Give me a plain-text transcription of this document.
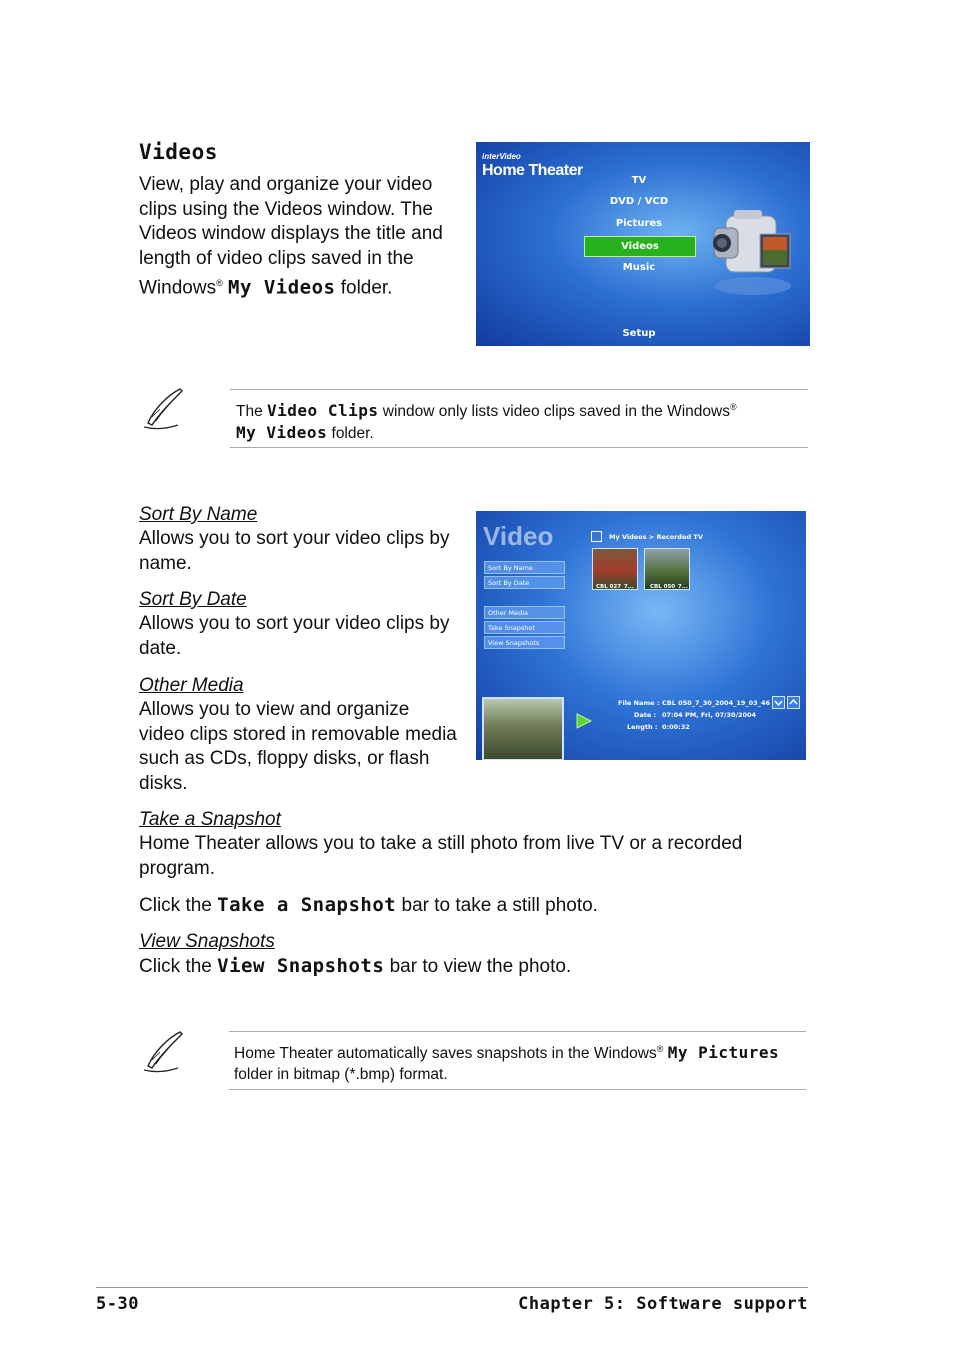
Videos
View, play and organize your video clips using the Videos window. The Videos window displays the title and length of video clips saved in the Windows® My Videos folder.
interVideo
Home Theater
TV
DVD / VCD
Pictures
Videos
Music
Setup
The Video Clips window only lists video clips saved in the Windows®
My Videos folder.
Sort By Name
Allows you to sort your video clips by name.
Sort By Date
Allows you to sort your video clips by date.
Other Media
Allows you to view and organize video clips stored in removable media such as CDs, floppy disks, or flash disks.
Take a Snapshot
Home Theater allows you to take a still photo from live TV or a recorded program.
Click the Take a Snapshot bar to take a still photo.
View Snapshots
Click the View Snapshots bar to view the photo.
Video	My Videos > Recorded TV
Sort By Name
Sort By Date
Other Media
Take Snapshot
View Snapshots
CBL 027_7...	CBL 050_7...
File Name : CBL 050_7_30_2004_19_03_46
Date : 07:04 PM, Fri, 07/30/2004
Length : 0:00:32
Home Theater automatically saves snapshots in the Windows® My Pictures folder in bitmap (*.bmp) format.
5-30	Chapter 5: Software support
